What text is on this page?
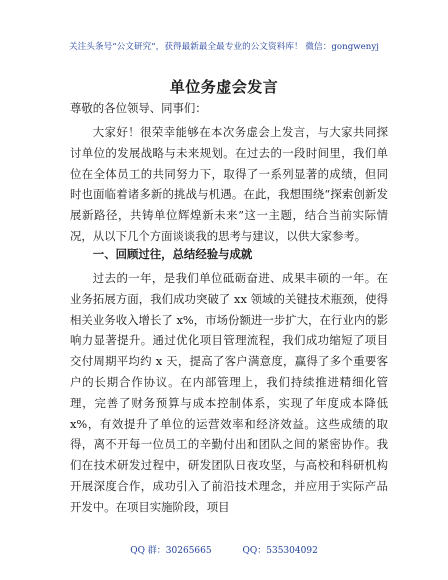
关注头条号“公文研究”，获得最新最全最专业的公文资料库！ 微信：gongwenyj
单位务虚会发言
尊敬的各位领导、同事们：

大家好！很荣幸能够在本次务虚会上发言，与大家共同探讨单位的发展战略与未来规划。在过去的一段时间里，我们单位在全体员工的共同努力下，取得了一系列显著的成绩，但同时也面临着诸多新的挑战与机遇。在此，我想围绕“探索创新发展新路径，共铸单位辉煌新未来”这一主题，结合当前实际情况，从以下几个方面谈谈我的思考与建议，以供大家参考。

一、回顾过往，总结经验与成就

过去的一年，是我们单位砥砺奋进、成果丰硕的一年。在业务拓展方面，我们成功突破了 xx 领域的关键技术瓶颈，使得相关业务收入增长了 x%，市场份额进一步扩大，在行业内的影响力显著提升。通过优化项目管理流程，我们成功缩短了项目交付周期平均约 x 天，提高了客户满意度，赢得了多个重要客户的长期合作协议。在内部管理上，我们持续推进精细化管理，完善了财务预算与成本控制体系，实现了年度成本降低 x%，有效提升了单位的运营效率和经济效益。这些成绩的取得，离不开每一位员工的辛勤付出和团队之间的紧密协作。我们在技术研发过程中，研发团队日夜攻坚，与高校和科研机构开展深度合作，成功引入了前沿技术理念，并应用于实际产品开发中。在项目实施阶段，项目

QQ 群：30265665	QQ：535304092
